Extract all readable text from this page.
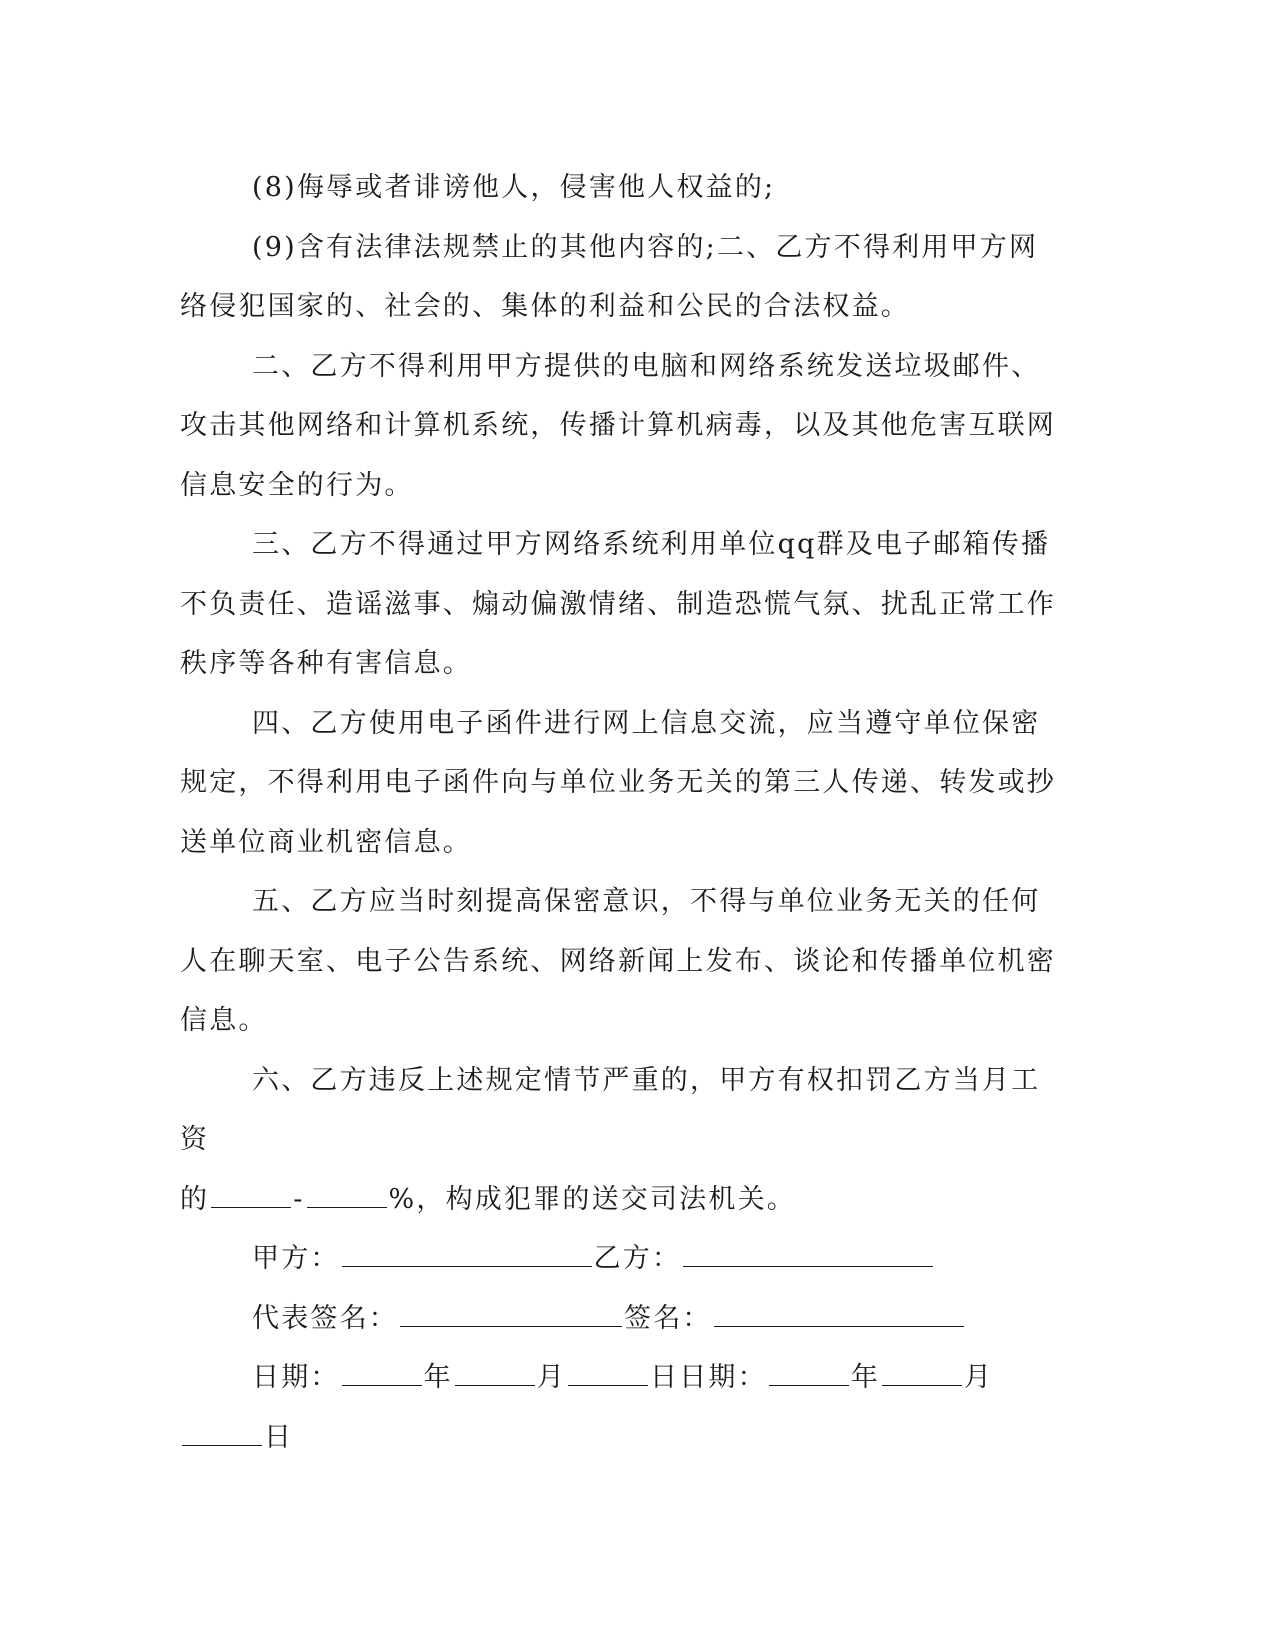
(8)侮辱或者诽谤他人，侵害他人权益的;

(9)含有法律法规禁止的其他内容的;二、乙方不得利用甲方网络侵犯国家的、社会的、集体的利益和公民的合法权益。

二、乙方不得利用甲方提供的电脑和网络系统发送垃圾邮件、攻击其他网络和计算机系统，传播计算机病毒，以及其他危害互联网信息安全的行为。

三、乙方不得通过甲方网络系统利用单位qq群及电子邮箱传播不负责任、造谣滋事、煽动偏激情绪、制造恐慌气氛、扰乱正常工作秩序等各种有害信息。

四、乙方使用电子函件进行网上信息交流，应当遵守单位保密规定，不得利用电子函件向与单位业务无关的第三人传递、转发或抄送单位商业机密信息。

五、乙方应当时刻提高保密意识，不得与单位业务无关的任何人在聊天室、电子公告系统、网络新闻上发布、谈论和传播单位机密信息。

六、乙方违反上述规定情节严重的，甲方有权扣罚乙方当月工资

的	-	%，构成犯罪的送交司法机关。

甲方：	乙方：

代表签名：	签名：

日期：	年	月	日日期：	年	月

日
